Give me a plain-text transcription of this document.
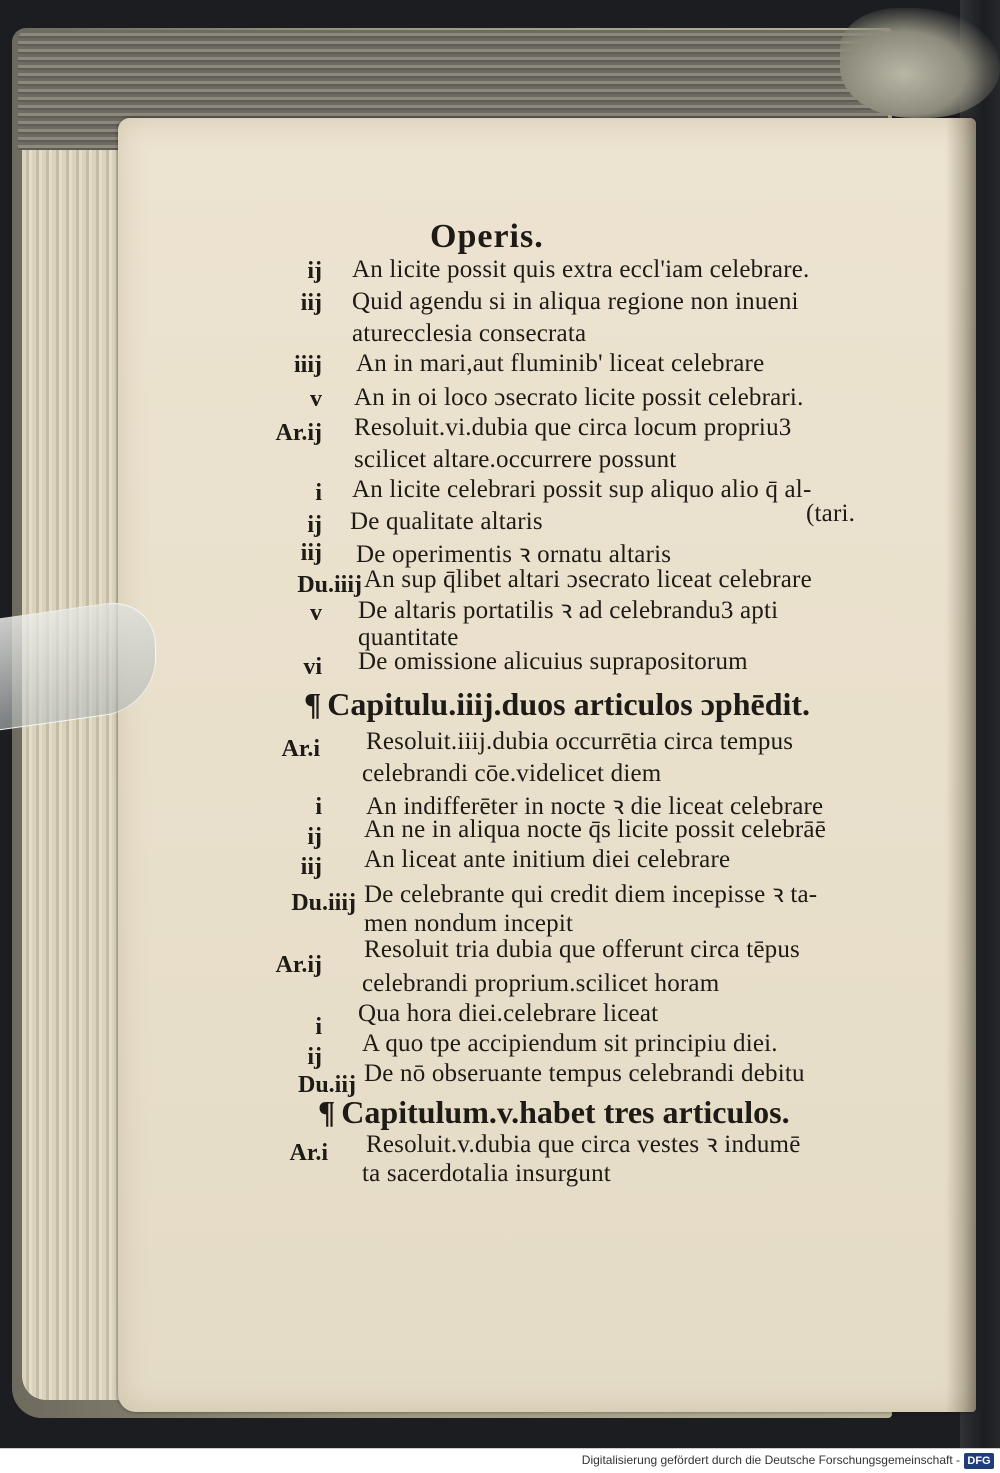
Operis.
ij An licite possit quis extra eccl'iam celebrare.
iij Quid agendu si in aliqua regione non inueni
aturecclesia consecrata
iiij An in mari,aut fluminib' liceat celebrare
v An in oi loco ɔsecrato licite possit celebrari.
Ar.ij Resoluit.vi.dubia que circa locum propriu3
scilicet altare.occurrere possunt
i An licite celebrari possit sup aliquo alio q̄ al-
ij De qualitate altaris	(tari.
iij De operimentis ꝛ ornatu altaris
Du.iiij An sup q̄libet altari ɔsecrato liceat celebrare
v De altaris portatilis ꝛ ad celebrandu3 apti
quantitate
vi De omissione alicuius suprapositorum
¶ Capitulu.iiij.duos articulos ɔphēdit.
Ar.i Resoluit.iiij.dubia occurrētia circa tempus
celebrandi cōe.videlicet diem
i An indifferēter in nocte ꝛ die liceat celebrare
ij An ne in aliqua nocte q̄s licite possit celebrāē
iij An liceat ante initium diei celebrare
Du.iiij De celebrante qui credit diem incepisse ꝛ ta-
men nondum incepit
Ar.ij
Resoluit tria dubia que offerunt circa tēpus
celebrandi proprium.scilicet horam
i Qua hora diei.celebrare liceat
ij A quo tpe accipiendum sit principiu diei.
Du.iij De nō obseruante tempus celebrandi debitu
¶ Capitulum.v.habet tres articulos.
Ar.i Resoluit.v.dubia que circa vestes ꝛ indumē
ta sacerdotalia insurgunt
Digitalisierung gefördert durch die Deutsche Forschungsgemeinschaft - DFG
